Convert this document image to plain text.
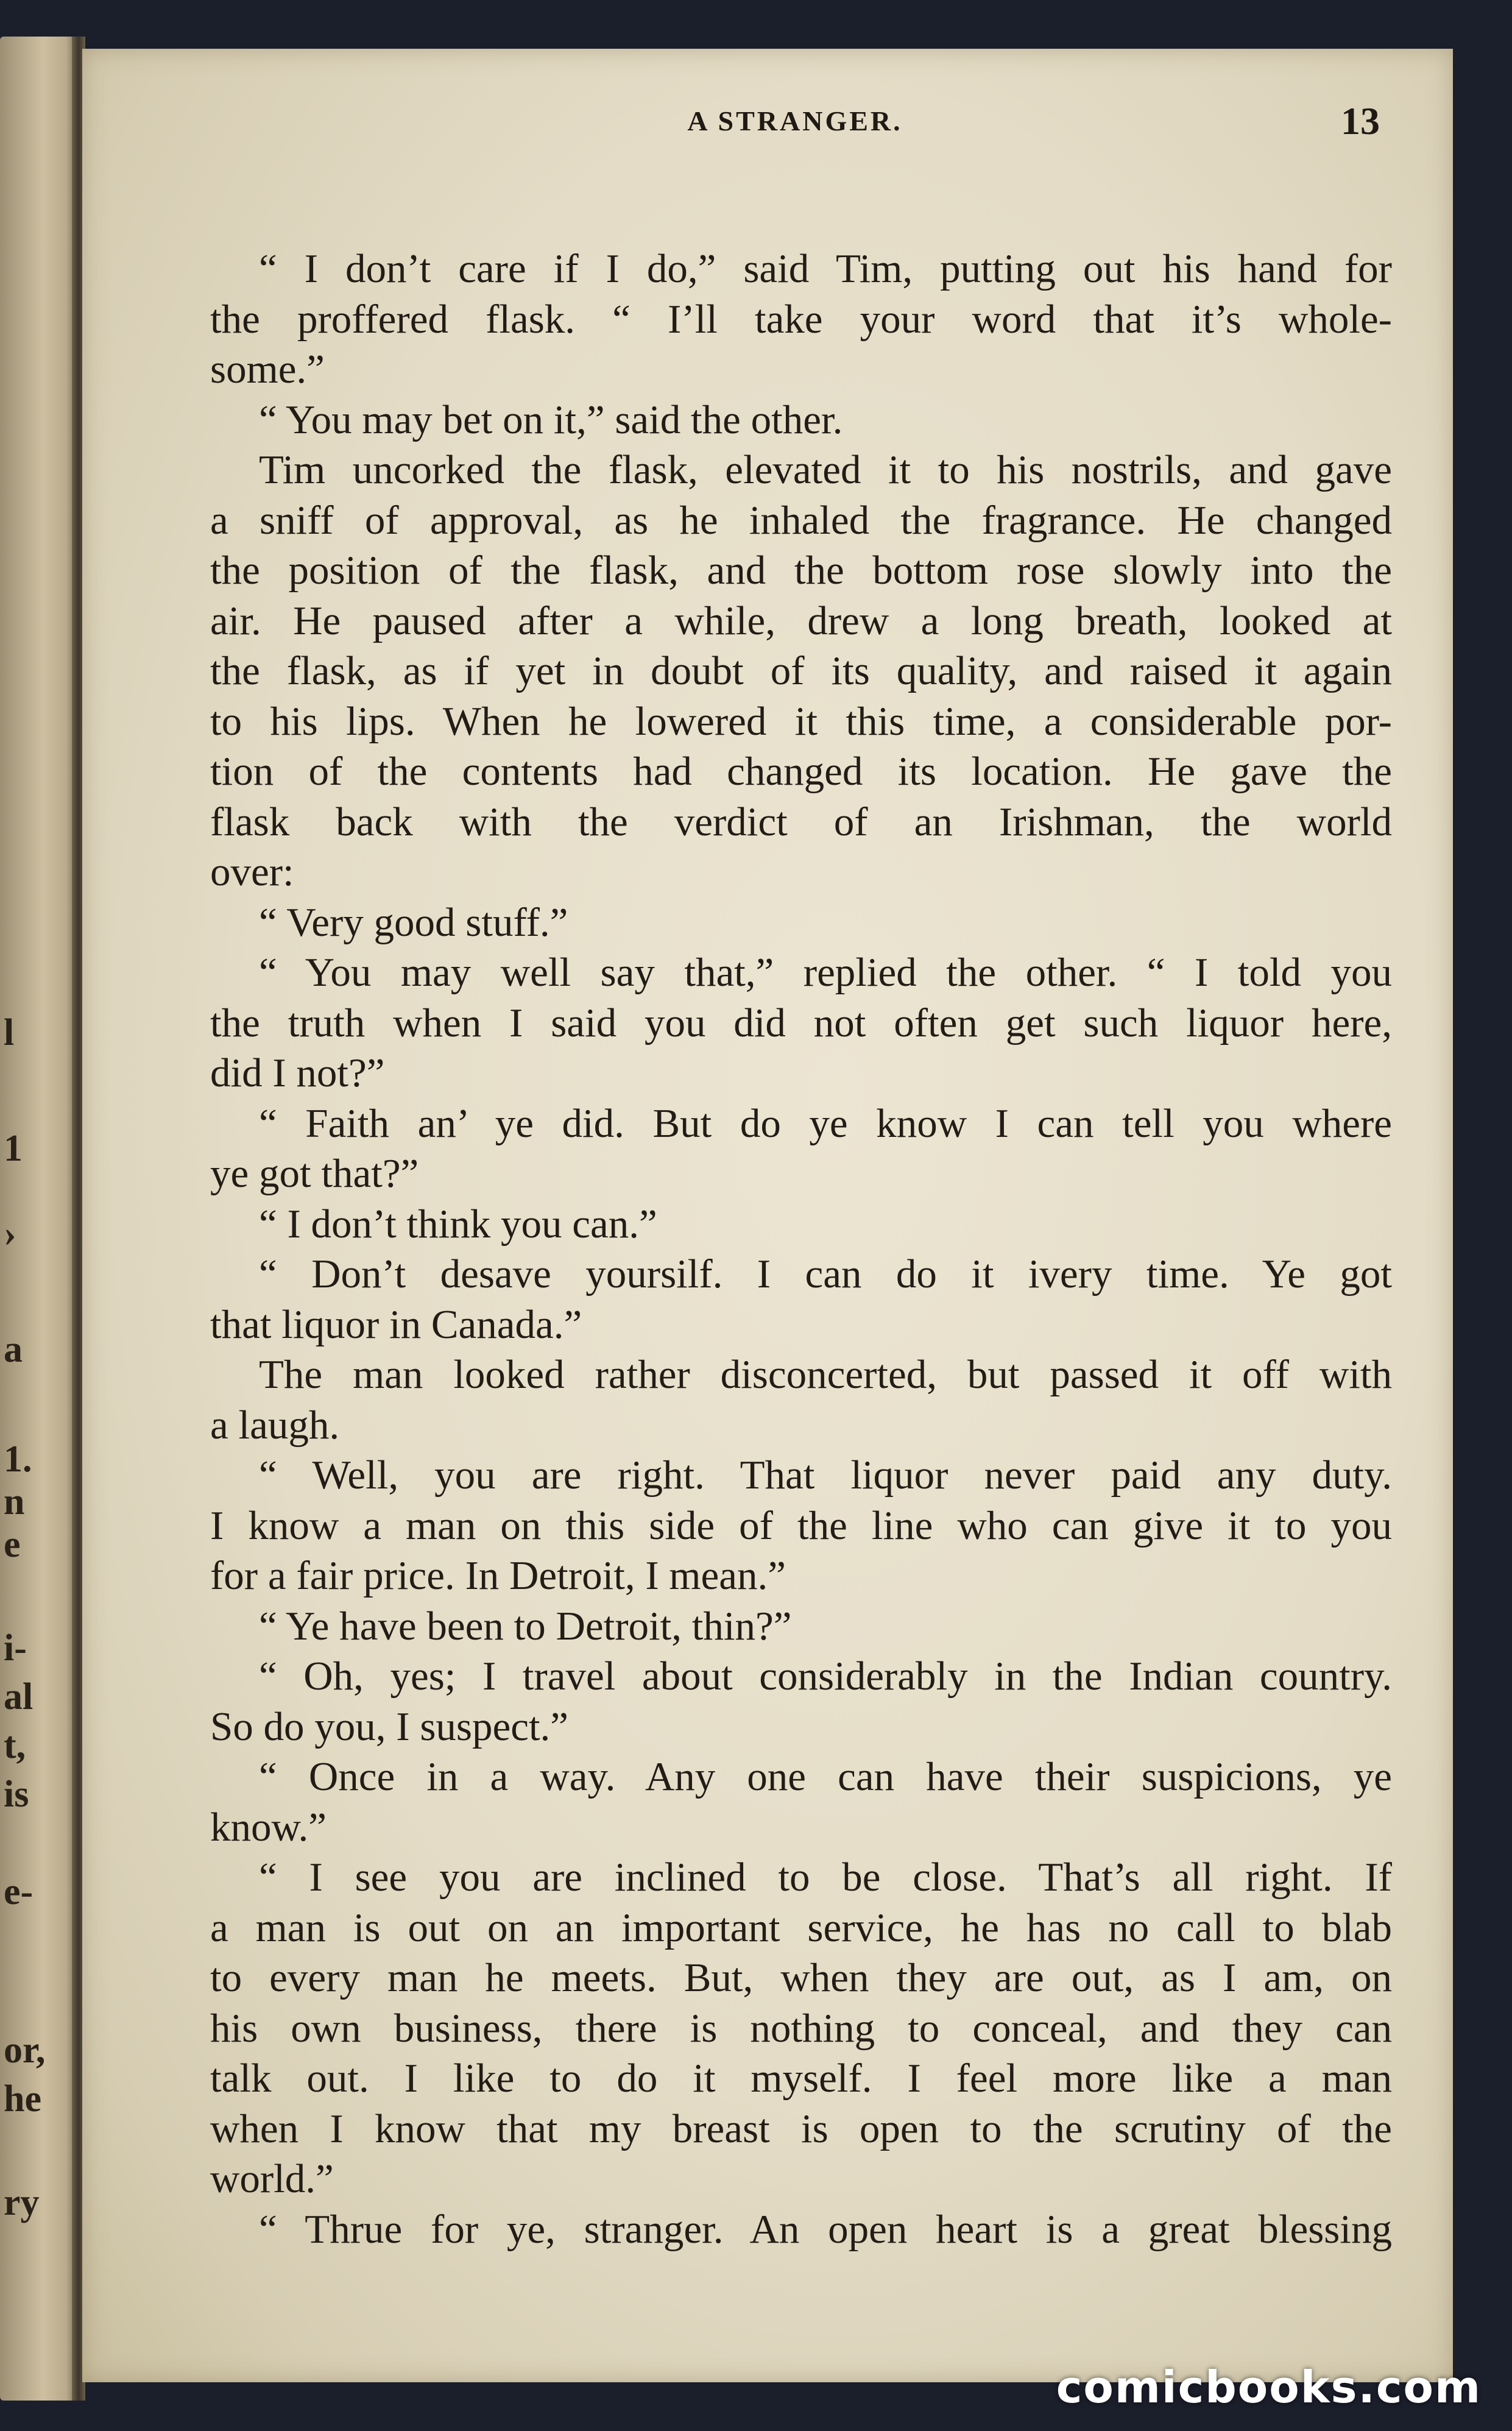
l
1
›
a
1.
n
e
i-
al
t,
is
e-
or,
he
ry
A STRANGER.	13
“ I don’t care if I do,” said Tim, putting out his hand for
the proffered flask. “ I’ll take your word that it’s whole-
some.”
“ You may bet on it,” said the other.
Tim uncorked the flask, elevated it to his nostrils, and gave
a sniff of approval, as he inhaled the fragrance. He changed
the position of the flask, and the bottom rose slowly into the
air. He paused after a while, drew a long breath, looked at
the flask, as if yet in doubt of its quality, and raised it again
to his lips. When he lowered it this time, a considerable por-
tion of the contents had changed its location. He gave the
flask back with the verdict of an Irishman, the world
over:
“ Very good stuff.”
“ You may well say that,” replied the other. “ I told you
the truth when I said you did not often get such liquor here,
did I not?”
“ Faith an’ ye did. But do ye know I can tell you where
ye got that?”
“ I don’t think you can.”
“ Don’t desave yoursilf. I can do it ivery time. Ye got
that liquor in Canada.”
The man looked rather disconcerted, but passed it off with
a laugh.
“ Well, you are right. That liquor never paid any duty.
I know a man on this side of the line who can give it to you
for a fair price. In Detroit, I mean.”
“ Ye have been to Detroit, thin?”
“ Oh, yes; I travel about considerably in the Indian country.
So do you, I suspect.”
“ Once in a way. Any one can have their suspicions, ye
know.”
“ I see you are inclined to be close. That’s all right. If
a man is out on an important service, he has no call to blab
to every man he meets. But, when they are out, as I am, on
his own business, there is nothing to conceal, and they can
talk out. I like to do it myself. I feel more like a man
when I know that my breast is open to the scrutiny of the
world.”
“ Thrue for ye, stranger. An open heart is a great blessing
comicbooks.com
